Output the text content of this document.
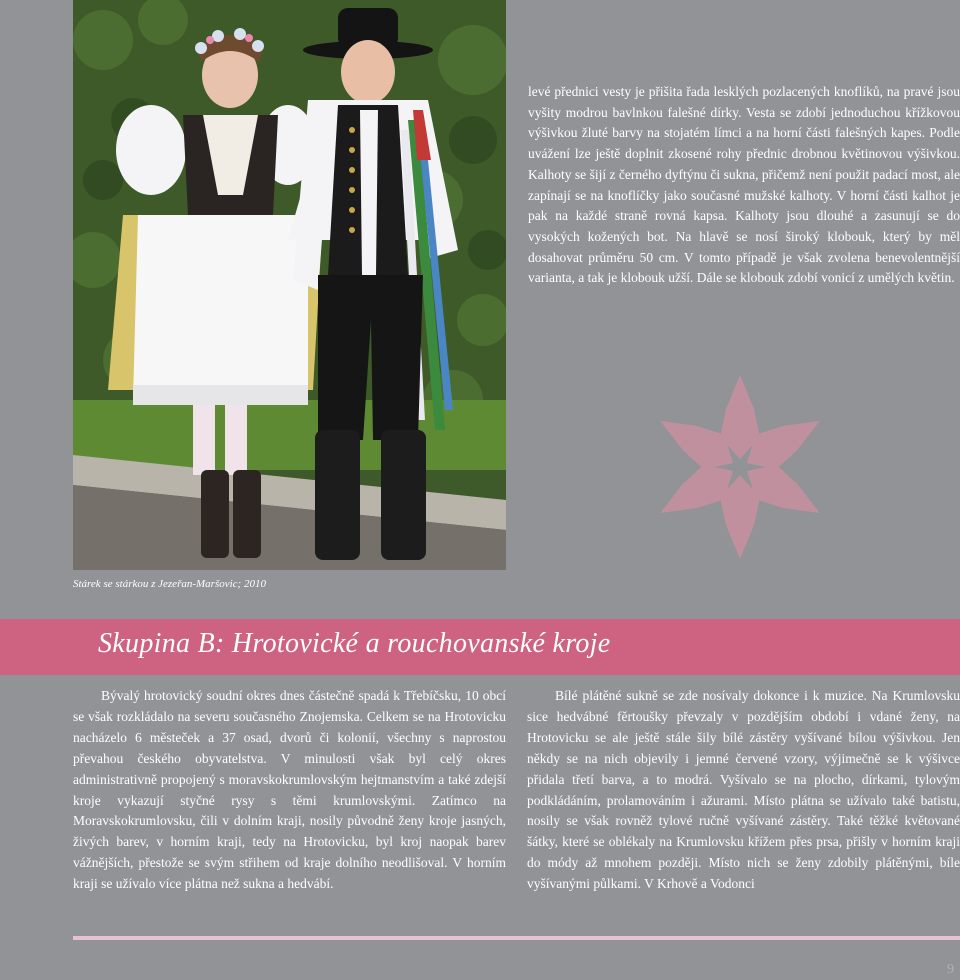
Stárek se stárkou z Jezeřan-Maršovic; 2010

levé přednici vesty je přišita řada lesklých pozlacených knoflíků, na pravé jsou vyšity modrou bavlnkou falešné dírky. Vesta se zdobí jednoduchou křížkovou výšivkou žluté barvy na stojatém límci a na horní části falešných kapes. Podle uvážení lze ještě doplnit zkosené rohy přednic drobnou květinovou výšivkou. Kalhoty se šijí z černého dyftýnu či sukna, přičemž není použit padací most, ale zapínají se na knoflíčky jako současné mužské kalhoty. V horní části kalhot je pak na každé straně rovná kapsa. Kalhoty jsou dlouhé a zasunují se do vysokých kožených bot. Na hlavě se nosí široký klobouk, který by měl dosahovat průměru 50 cm. V tomto případě je však zvolena benevolentnější varianta, a tak je klobouk užší. Dále se klobouk zdobí vonicí z umělých květin.

Skupina B: Hrotovické a rouchovanské kroje

Bývalý hrotovický soudní okres dnes částečně spadá k Třebíčsku, 10 obcí se však rozkládalo na severu současného Znojemska. Celkem se na Hrotovicku nacházelo 6 městeček a 37 osad, dvorů či kolonií, všechny s naprostou převahou českého obyvatelstva. V minulosti však byl celý okres administrativně propojený s moravskokrumlovským hejtmanstvím a také zdejší kroje vykazují styčné rysy s těmi krumlovskými. Zatímco na Moravskokrumlovsku, čili v dolním kraji, nosily původně ženy kroje jasných, živých barev, v horním kraji, tedy na Hrotovicku, byl kroj naopak barev vážnějších, přestože se svým střihem od kraje dolního neodlišoval. V horním kraji se užívalo více plátna než sukna a hedvábí.

Bílé plátěné sukně se zde nosívaly dokonce i k muzice. Na Krumlovsku sice hedvábné fěrtoušky převzaly v pozdějším období i vdané ženy, na Hrotovicku se ale ještě stále šily bílé zástěry vyšívané bílou výšivkou. Jen někdy se na nich objevily i jemné červené vzory, výjimečně se k výšivce přidala třetí barva, a to modrá. Vyšívalo se na plocho, dírkami, tylovým podkládáním, prolamováním i ažurami. Místo plátna se užívalo také batistu, nosily se však rovněž tylové ručně vyšívané zástěry. Také těžké květované šátky, které se oblékaly na Krumlovsku křížem přes prsa, přišly v horním kraji do módy až mnohem později. Místo nich se ženy zdobily plátěnými, bíle vyšívanými půlkami. V Krhově a Vodonci

9
